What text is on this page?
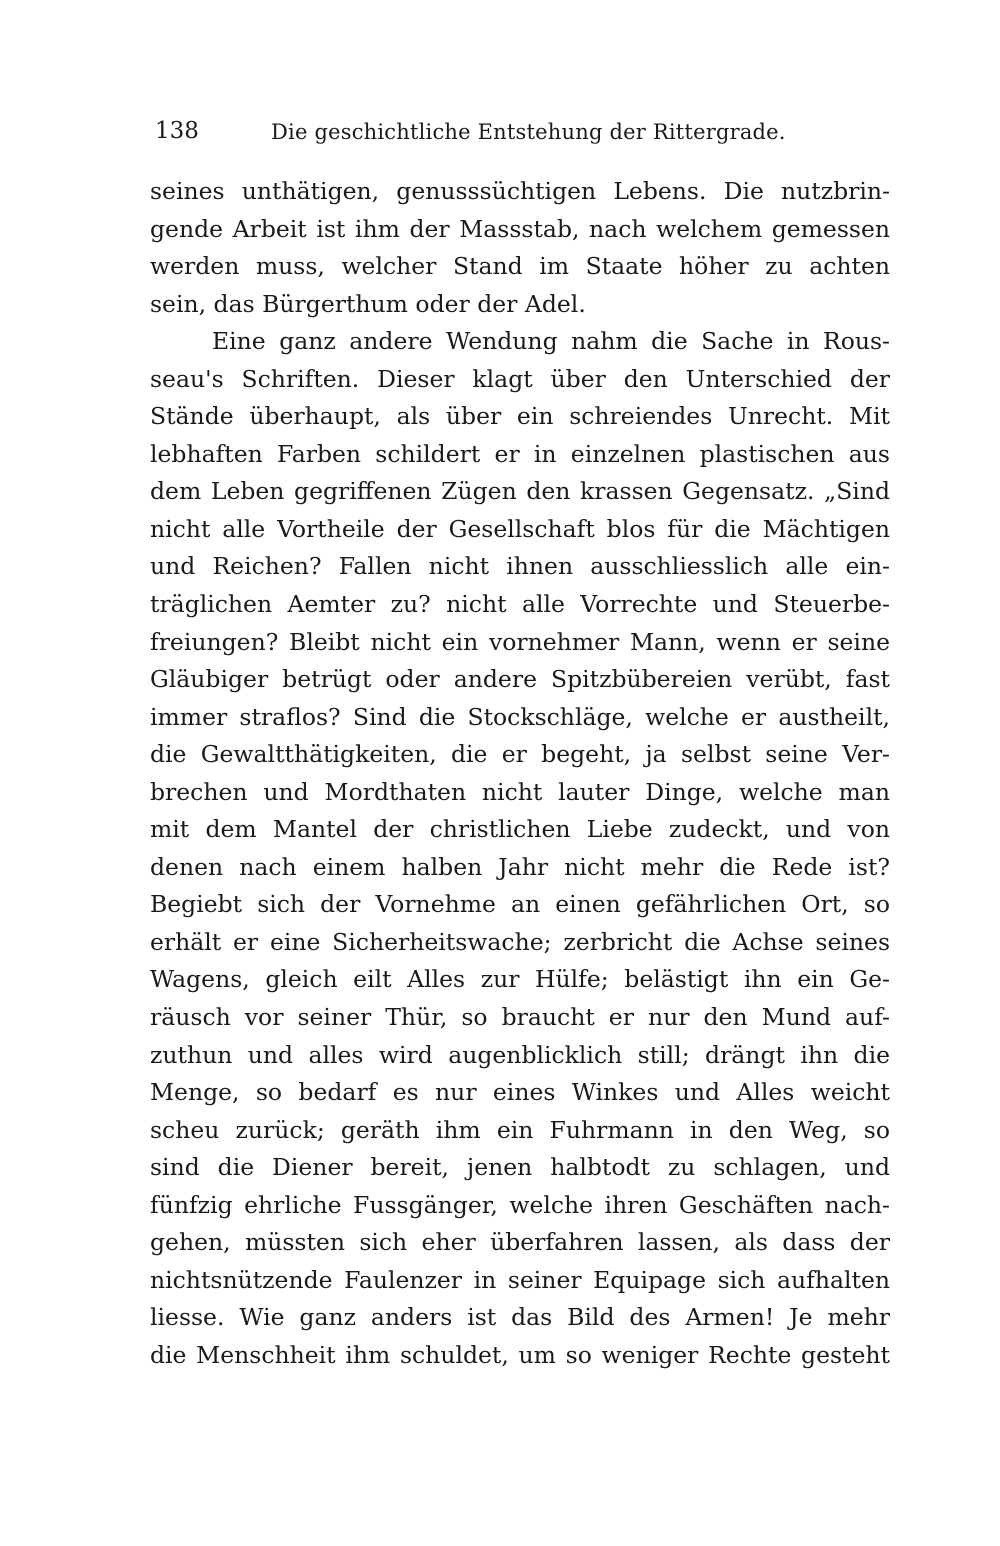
138	Die geschichtliche Entstehung der Rittergrade.
seines unthätigen, genusssüchtigen Lebens. Die nutzbrin-
gende Arbeit ist ihm der Massstab, nach welchem gemessen
werden muss, welcher Stand im Staate höher zu achten
sein, das Bürgerthum oder der Adel.
Eine ganz andere Wendung nahm die Sache in Rous-
seau's Schriften. Dieser klagt über den Unterschied der
Stände überhaupt, als über ein schreiendes Unrecht. Mit
lebhaften Farben schildert er in einzelnen plastischen aus
dem Leben gegriffenen Zügen den krassen Gegensatz. „Sind
nicht alle Vortheile der Gesellschaft blos für die Mächtigen
und Reichen? Fallen nicht ihnen ausschliesslich alle ein-
träglichen Aemter zu? nicht alle Vorrechte und Steuerbe-
freiungen? Bleibt nicht ein vornehmer Mann, wenn er seine
Gläubiger betrügt oder andere Spitzbübereien verübt, fast
immer straflos? Sind die Stockschläge, welche er austheilt,
die Gewaltthätigkeiten, die er begeht, ja selbst seine Ver-
brechen und Mordthaten nicht lauter Dinge, welche man
mit dem Mantel der christlichen Liebe zudeckt, und von
denen nach einem halben Jahr nicht mehr die Rede ist?
Begiebt sich der Vornehme an einen gefährlichen Ort, so
erhält er eine Sicherheitswache; zerbricht die Achse seines
Wagens, gleich eilt Alles zur Hülfe; belästigt ihn ein Ge-
räusch vor seiner Thür, so braucht er nur den Mund auf-
zuthun und alles wird augenblicklich still; drängt ihn die
Menge, so bedarf es nur eines Winkes und Alles weicht
scheu zurück; geräth ihm ein Fuhrmann in den Weg, so
sind die Diener bereit, jenen halbtodt zu schlagen, und
fünfzig ehrliche Fussgänger, welche ihren Geschäften nach-
gehen, müssten sich eher überfahren lassen, als dass der
nichtsnützende Faulenzer in seiner Equipage sich aufhalten
liesse. Wie ganz anders ist das Bild des Armen! Je mehr
die Menschheit ihm schuldet, um so weniger Rechte gesteht
